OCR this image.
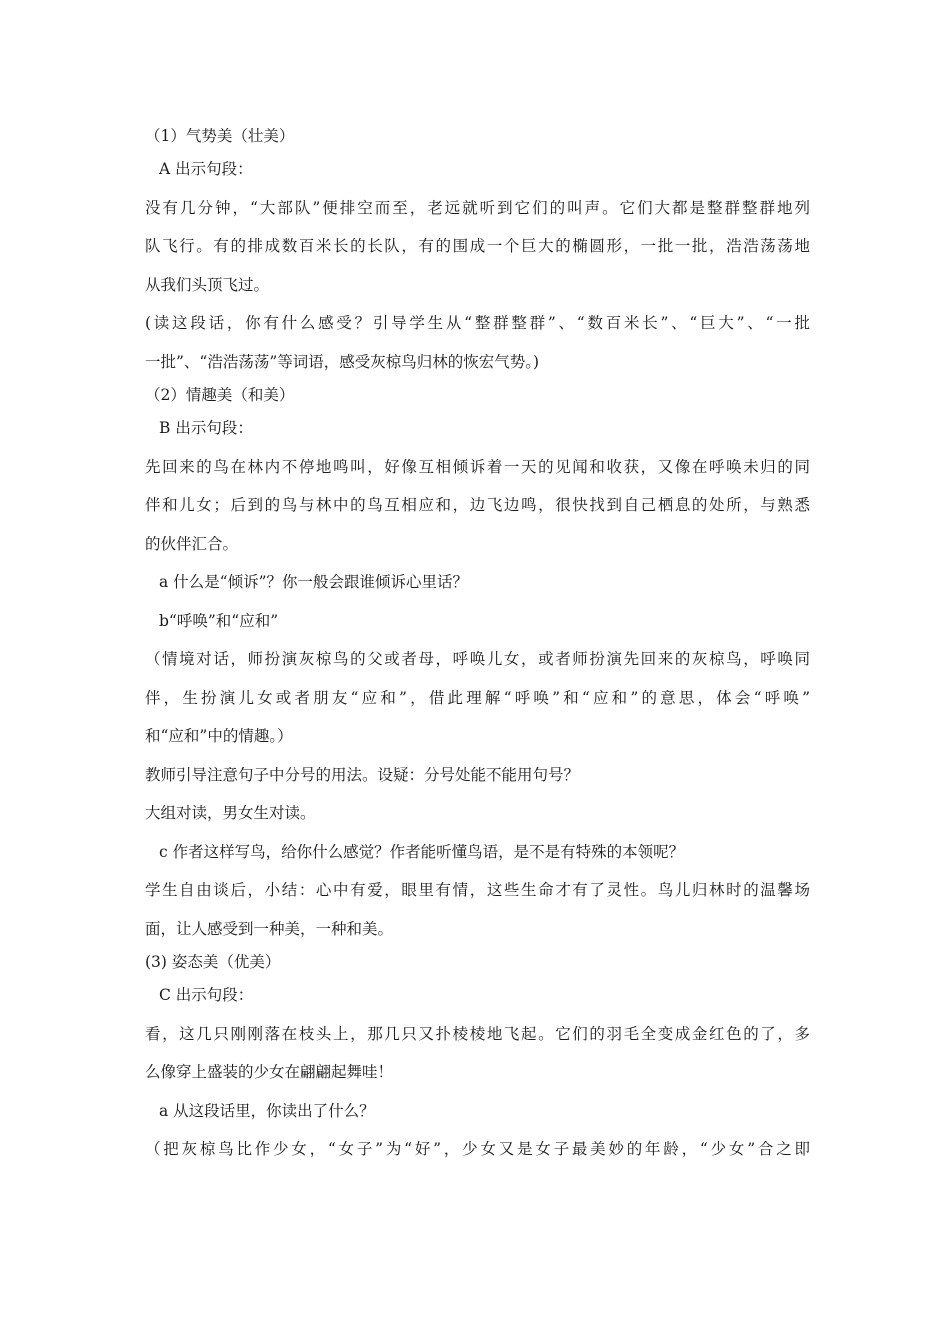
（1）气势美（壮美）
A 出示句段：
没有几分钟，“大部队”便排空而至，老远就听到它们的叫声。它们大都是整群整群地列
队飞行。有的排成数百米长的长队，有的围成一个巨大的椭圆形，一批一批，浩浩荡荡地
从我们头顶飞过。
(读这段话，你有什么感受？引导学生从“整群整群”、“数百米长”、“巨大”、“一批
一批”、“浩浩荡荡”等词语，感受灰椋鸟归林的恢宏气势。)
（2）情趣美（和美）
B 出示句段：
先回来的鸟在林内不停地鸣叫，好像互相倾诉着一天的见闻和收获，又像在呼唤未归的同
伴和儿女；后到的鸟与林中的鸟互相应和，边飞边鸣，很快找到自己栖息的处所，与熟悉
的伙伴汇合。
a 什么是“倾诉”？你一般会跟谁倾诉心里话？
b“呼唤”和“应和”
（情境对话，师扮演灰椋鸟的父或者母，呼唤儿女，或者师扮演先回来的灰椋鸟，呼唤同
伴，生扮演儿女或者朋友“应和”，借此理解“呼唤”和“应和”的意思，体会“呼唤”
和“应和”中的情趣。）
教师引导注意句子中分号的用法。设疑：分号处能不能用句号？
大组对读，男女生对读。
c 作者这样写鸟，给你什么感觉？作者能听懂鸟语，是不是有特殊的本领呢？
学生自由谈后，小结：心中有爱，眼里有情，这些生命才有了灵性。鸟儿归林时的温馨场
面，让人感受到一种美，一种和美。
(3) 姿态美（优美）
C 出示句段：
看，这几只刚刚落在枝头上，那几只又扑棱棱地飞起。它们的羽毛全变成金红色的了，多
么像穿上盛装的少女在翩翩起舞哇！
a 从这段话里，你读出了什么？
（把灰椋鸟比作少女，“女子”为“好”，少女又是女子最美妙的年龄，“少女”合之即
